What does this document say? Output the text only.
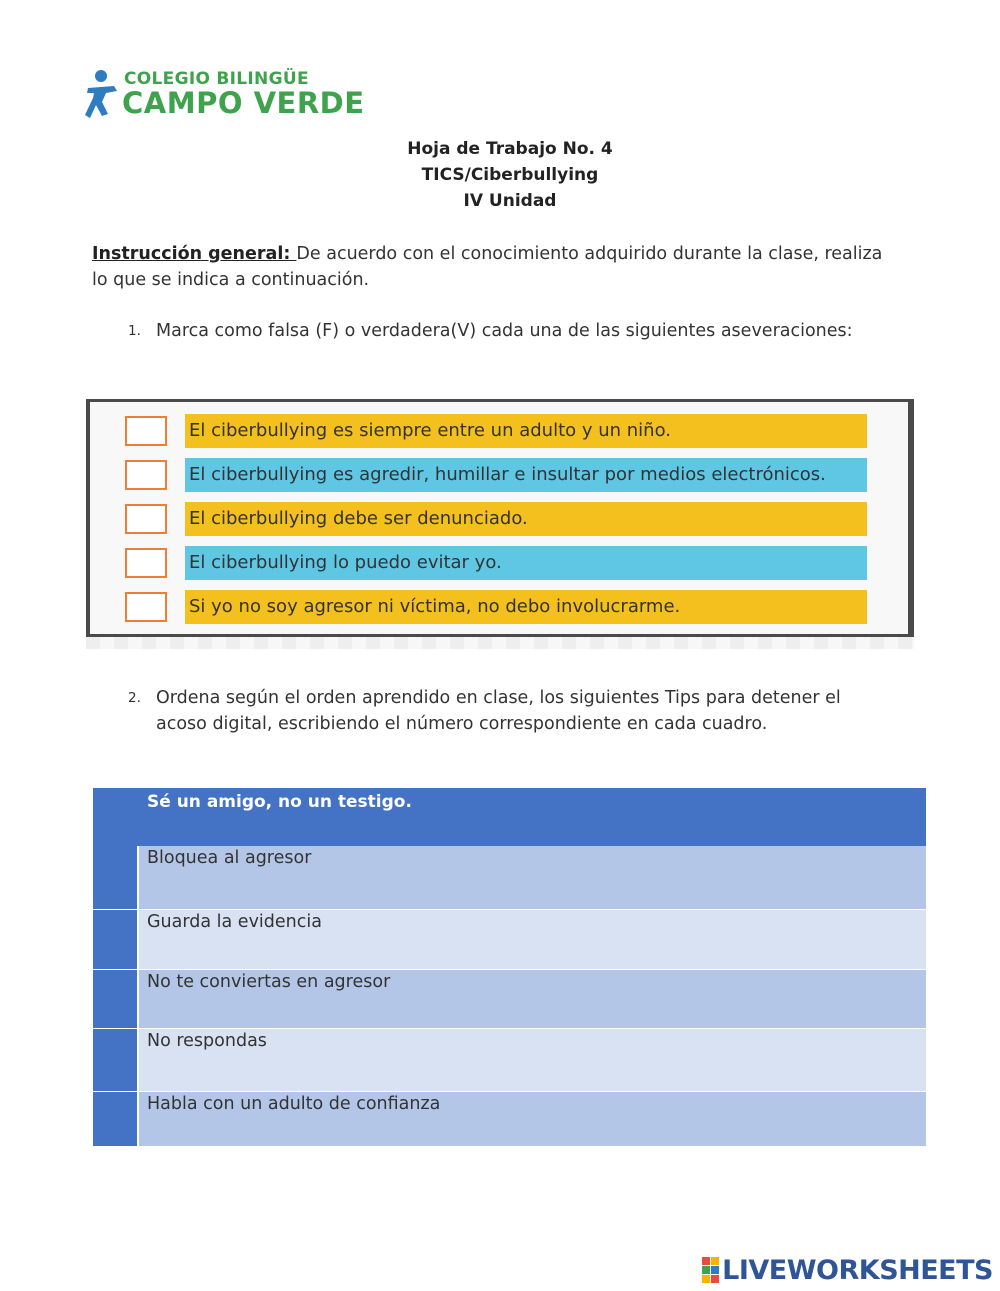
COLEGIO BILINGÜE
CAMPO VERDE
Hoja de Trabajo No. 4
TICS/Ciberbullying
IV Unidad
Instrucción general: De acuerdo con el conocimiento adquirido durante la clase, realiza lo que se indica a continuación.
1. Marca como falsa (F) o verdadera(V) cada una de las siguientes aseveraciones:
El ciberbullying es siempre entre un adulto y un niño.
El ciberbullying es agredir, humillar e insultar por medios electrónicos.
El ciberbullying debe ser denunciado.
El ciberbullying lo puedo evitar yo.
Si yo no soy agresor ni víctima, no debo involucrarme.
2. Ordena según el orden aprendido en clase, los siguientes Tips para detener el
acoso digital, escribiendo el número correspondiente en cada cuadro.
Sé un amigo, no un testigo.
Bloquea al agresor
Guarda la evidencia
No te conviertas en agresor
No respondas
Habla con un adulto de confianza
LIVEWORKSHEETS
